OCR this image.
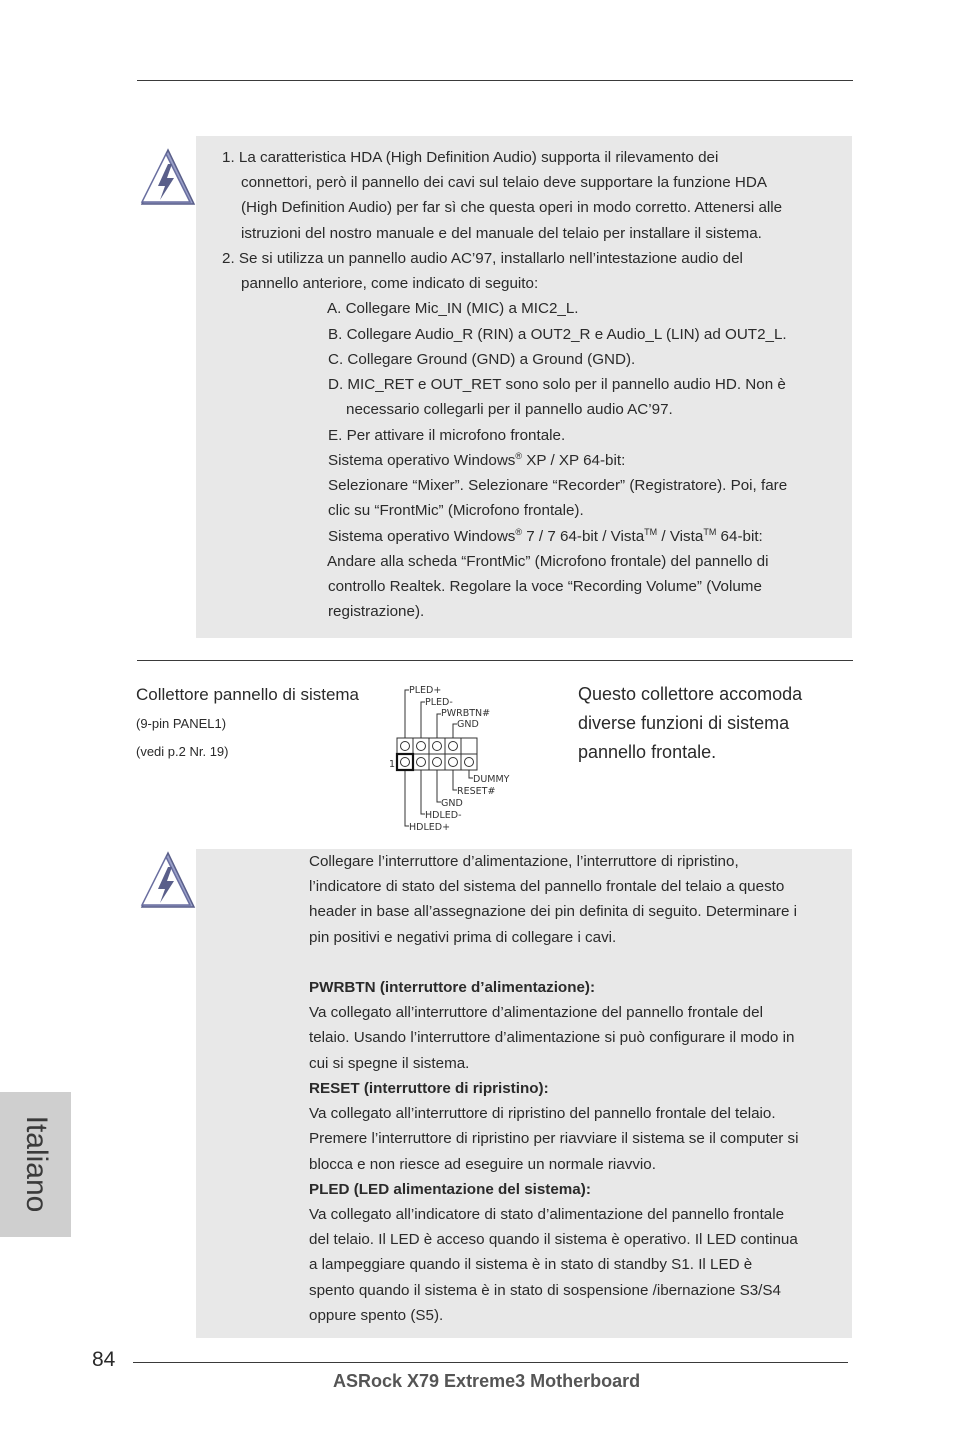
1. La caratteristica HDA (High Definition Audio) supporta il rilevamento dei

connettori, però il pannello dei cavi sul telaio deve supportare la funzione HDA

(High Definition Audio) per far sì che questa operi in modo corretto. Attenersi alle

istruzioni del nostro manuale e del manuale del telaio per installare il sistema.

2. Se si utilizza un pannello audio AC’97, installarlo nell’intestazione audio del

pannello anteriore, come indicato di seguito:

A. Collegare Mic_IN (MIC) a MIC2_L.

B. Collegare Audio_R (RIN) a OUT2_R e Audio_L (LIN) ad OUT2_L.

C. Collegare Ground (GND) a Ground (GND).

D. MIC_RET e OUT_RET sono solo per il pannello audio HD. Non è

necessario collegarli per il pannello audio AC’97.

E. Per attivare il microfono frontale.

Sistema operativo Windows® XP / XP 64-bit:

Selezionare “Mixer”. Selezionare “Recorder” (Registratore). Poi, fare

clic su “FrontMic” (Microfono frontale).

Sistema operativo Windows® 7 / 7 64-bit / Vista™ / Vista™ 64-bit:

Andare alla scheda “FrontMic” (Microfono frontale) del pannello di

controllo Realtek. Regolare la voce “Recording Volume” (Volume

registrazione).

Collettore pannello di sistema
(9-pin PANEL1)
(vedi p.2 Nr. 19)
Questo collettore accomoda
diverse funzioni di sistema
pannello frontale.
PLED+
PLED-
PWRBTN#
GND
DUMMY
RESET#
GND
HDLED-
HDLED+
1

Collegare l’interruttore d’alimentazione, l’interruttore di ripristino,

l’indicatore di stato del sistema del pannello frontale del telaio a questo

header in base all’assegnazione dei pin definita di seguito. Determinare i

pin positivi e negativi prima di collegare i cavi.

PWRBTN (interruttore d’alimentazione):

Va collegato all’interruttore d’alimentazione del pannello frontale del

telaio. Usando l’interruttore d’alimentazione si può configurare il modo in

cui si spegne il sistema.

RESET (interruttore di ripristino):

Va collegato all’interruttore di ripristino del pannello frontale del telaio.

Premere l’interruttore di ripristino per riavviare il sistema se il computer si

blocca e non riesce ad eseguire un normale riavvio.

PLED (LED alimentazione del sistema):

Va collegato all’indicatore di stato d’alimentazione del pannello frontale

del telaio. Il LED è acceso quando il sistema è operativo. Il LED continua

a lampeggiare quando il sistema è in stato di standby S1. Il LED è

spento quando il sistema è in stato di sospensione /ibernazione S3/S4

oppure spento (S5).

Italiano
84
ASRock X79 Extreme3 Motherboard
